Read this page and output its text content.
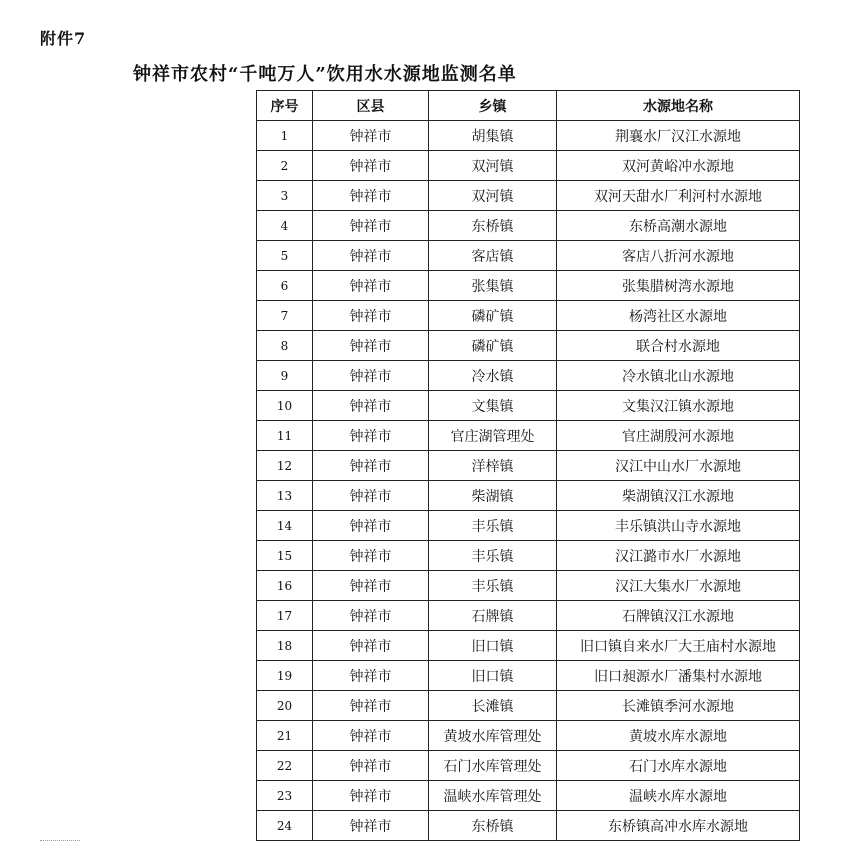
附件7
钟祥市农村“千吨万人”饮用水水源地监测名单
序号	区县	乡镇	水源地名称
1	钟祥市	胡集镇	荆襄水厂汉江水源地
2	钟祥市	双河镇	双河黄峪冲水源地
3	钟祥市	双河镇	双河天甜水厂利河村水源地
4	钟祥市	东桥镇	东桥高潮水源地
5	钟祥市	客店镇	客店八折河水源地
6	钟祥市	张集镇	张集腊树湾水源地
7	钟祥市	磷矿镇	杨湾社区水源地
8	钟祥市	磷矿镇	联合村水源地
9	钟祥市	冷水镇	冷水镇北山水源地
10	钟祥市	文集镇	文集汉江镇水源地
11	钟祥市	官庄湖管理处	官庄湖殷河水源地
12	钟祥市	洋梓镇	汉江中山水厂水源地
13	钟祥市	柴湖镇	柴湖镇汉江水源地
14	钟祥市	丰乐镇	丰乐镇洪山寺水源地
15	钟祥市	丰乐镇	汉江潞市水厂水源地
16	钟祥市	丰乐镇	汉江大集水厂水源地
17	钟祥市	石牌镇	石牌镇汉江水源地
18	钟祥市	旧口镇	旧口镇自来水厂大王庙村水源地
19	钟祥市	旧口镇	旧口昶源水厂潘集村水源地
20	钟祥市	长滩镇	长滩镇季河水源地
21	钟祥市	黄坡水库管理处	黄坡水库水源地
22	钟祥市	石门水库管理处	石门水库水源地
23	钟祥市	温峡水库管理处	温峡水库水源地
24	钟祥市	东桥镇	东桥镇高冲水库水源地
